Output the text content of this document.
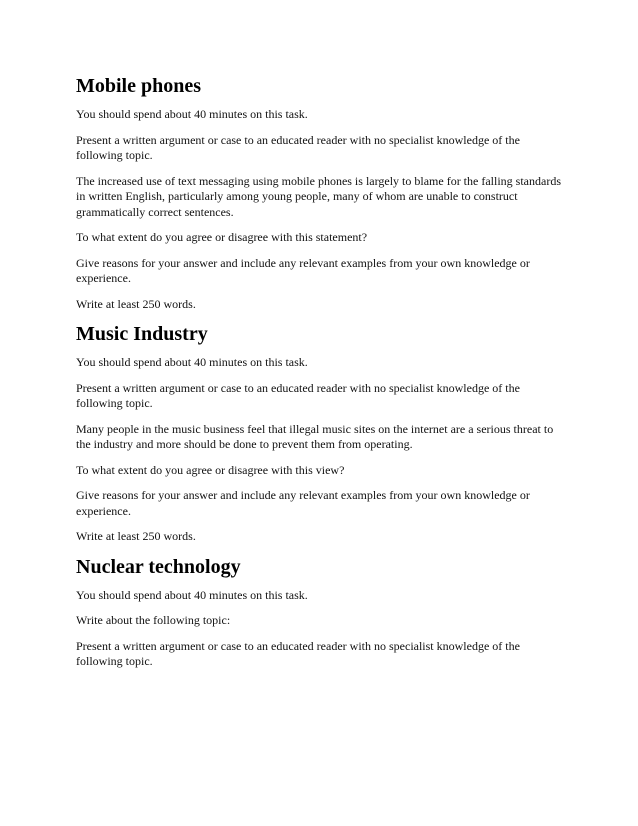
Mobile phones

You should spend about 40 minutes on this task.

Present a written argument or case to an educated reader with no specialist knowledge of the following topic.

The increased use of text messaging using mobile phones is largely to blame for the falling standards in written English, particularly among young people, many of whom are unable to construct grammatically correct sentences.

To what extent do you agree or disagree with this statement?

Give reasons for your answer and include any relevant examples from your own knowledge or experience.

Write at least 250 words.

Music Industry

You should spend about 40 minutes on this task.

Present a written argument or case to an educated reader with no specialist knowledge of the following topic.

Many people in the music business feel that illegal music sites on the internet are a serious threat to the industry and more should be done to prevent them from operating.

To what extent do you agree or disagree with this view?

Give reasons for your answer and include any relevant examples from your own knowledge or experience.

Write at least 250 words.

Nuclear technology

You should spend about 40 minutes on this task.

Write about the following topic:

Present a written argument or case to an educated reader with no specialist knowledge of the following topic.
